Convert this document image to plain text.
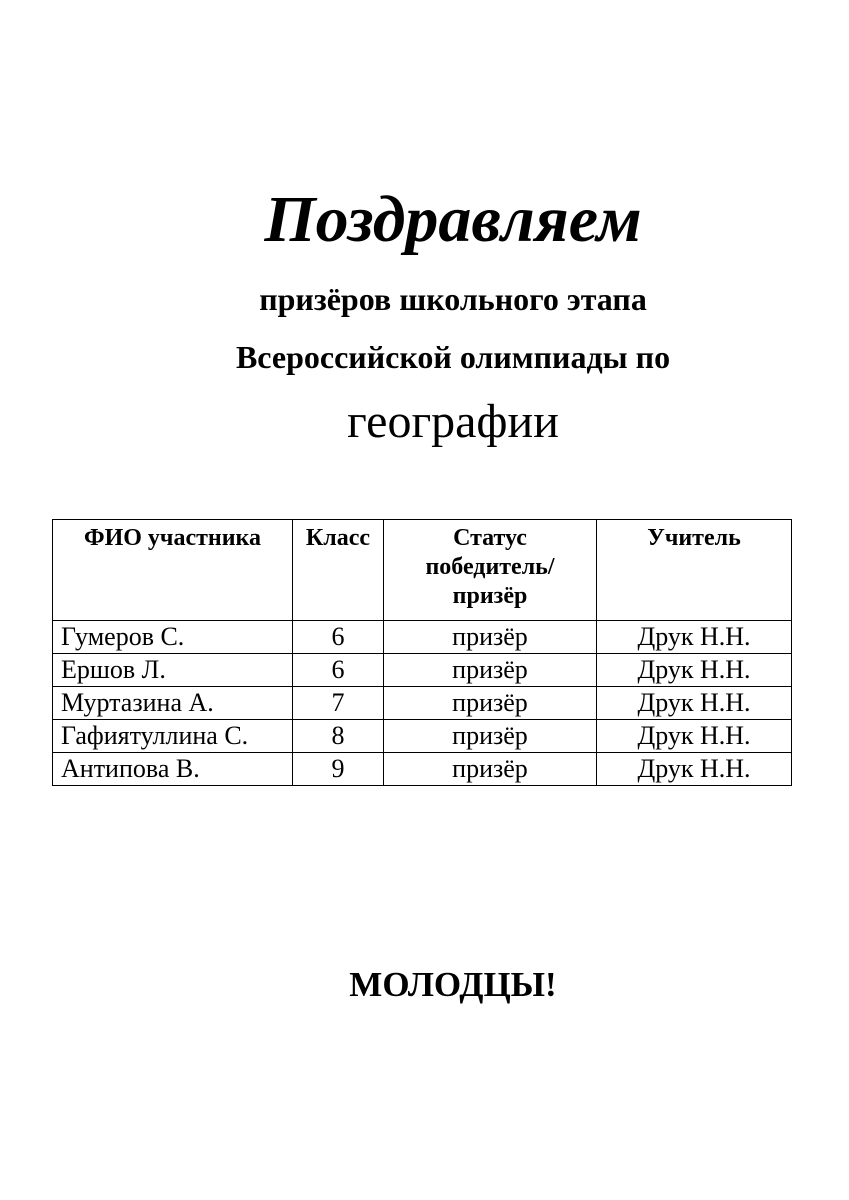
Поздравляем
призёров школьного этапа
Всероссийской олимпиады по
географии
ФИО участника	Класс	Статус победитель/ призёр	Учитель
Гумеров С.	6	призёр	Друк Н.Н.
Ершов Л.	6	призёр	Друк Н.Н.
Муртазина А.	7	призёр	Друк Н.Н.
Гафиятуллина С.	8	призёр	Друк Н.Н.
Антипова В.	9	призёр	Друк Н.Н.
МОЛОДЦЫ!
